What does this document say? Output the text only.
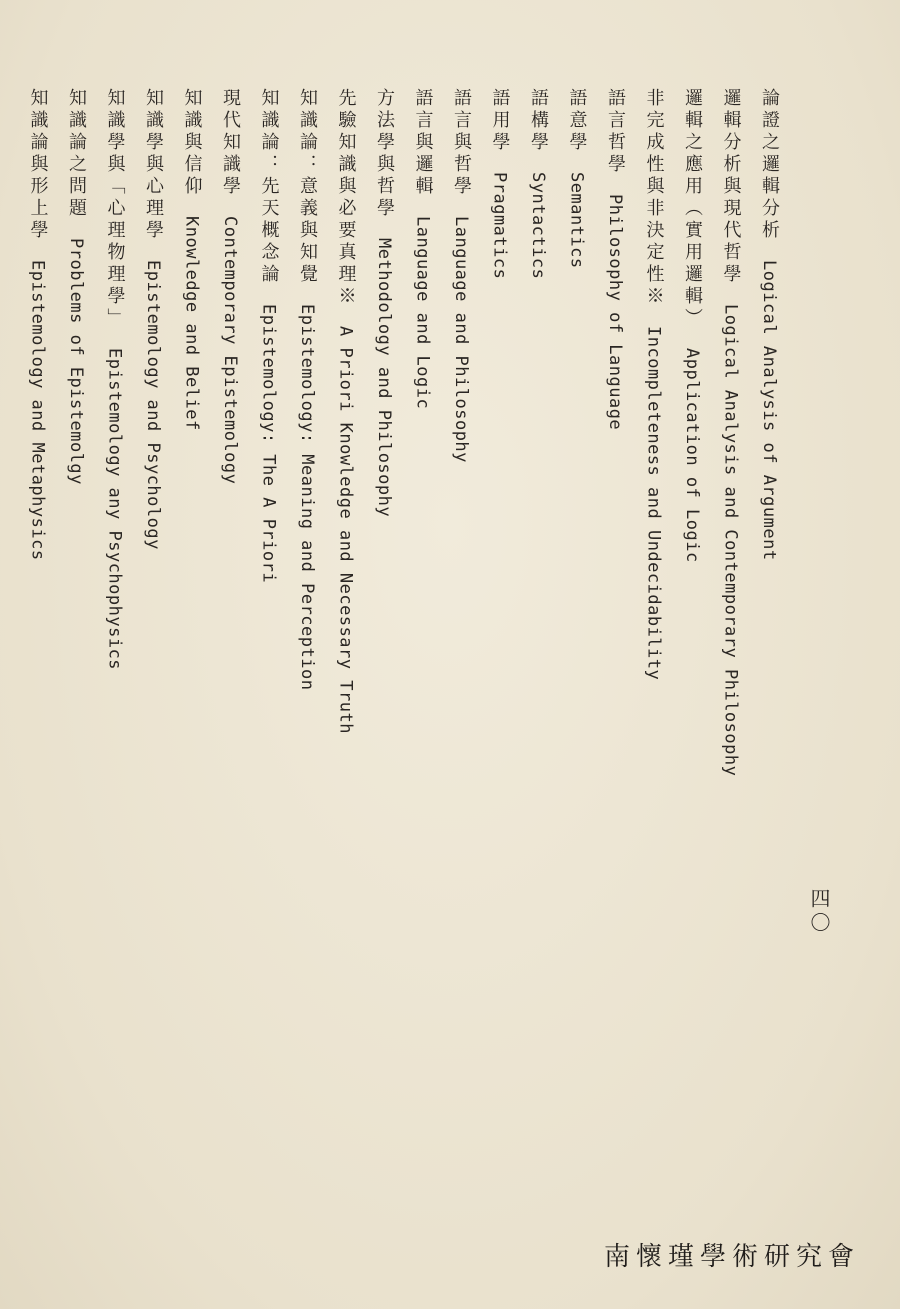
論證之邏輯分析Logical Analysis of Argument

邏輯分析與現代哲學Logical Analysis and Contemporary Philosophy

邏輯之應用（實用邏輯）Application of Logic

非完成性與非決定性※Incompleteness and Undecidability

語言哲學Philosophy of Language

語意學Semantics

語構學Syntactics

語用學Pragmatics

語言與哲學Language and Philosophy

語言與邏輯Language and Logic

方法學與哲學Methodology and Philosophy

先驗知識與必要真理※A Priori Knowledge and Necessary Truth

知識論：意義與知覺Epistemology: Meaning and Perception

知識論：先天概念論Epistemology: The A Priori

現代知識學Contemporary Epistemology

知識與信仰Knowledge and Belief

知識學與心理學Epistemology and Psychology

知識學與「心理物理學」Epistemology any Psychophysics

知識論之問題Problems of Epistemolgy

知識論與形上學Epistemology and Metaphysics

四〇
南懷瑾學術研究會
